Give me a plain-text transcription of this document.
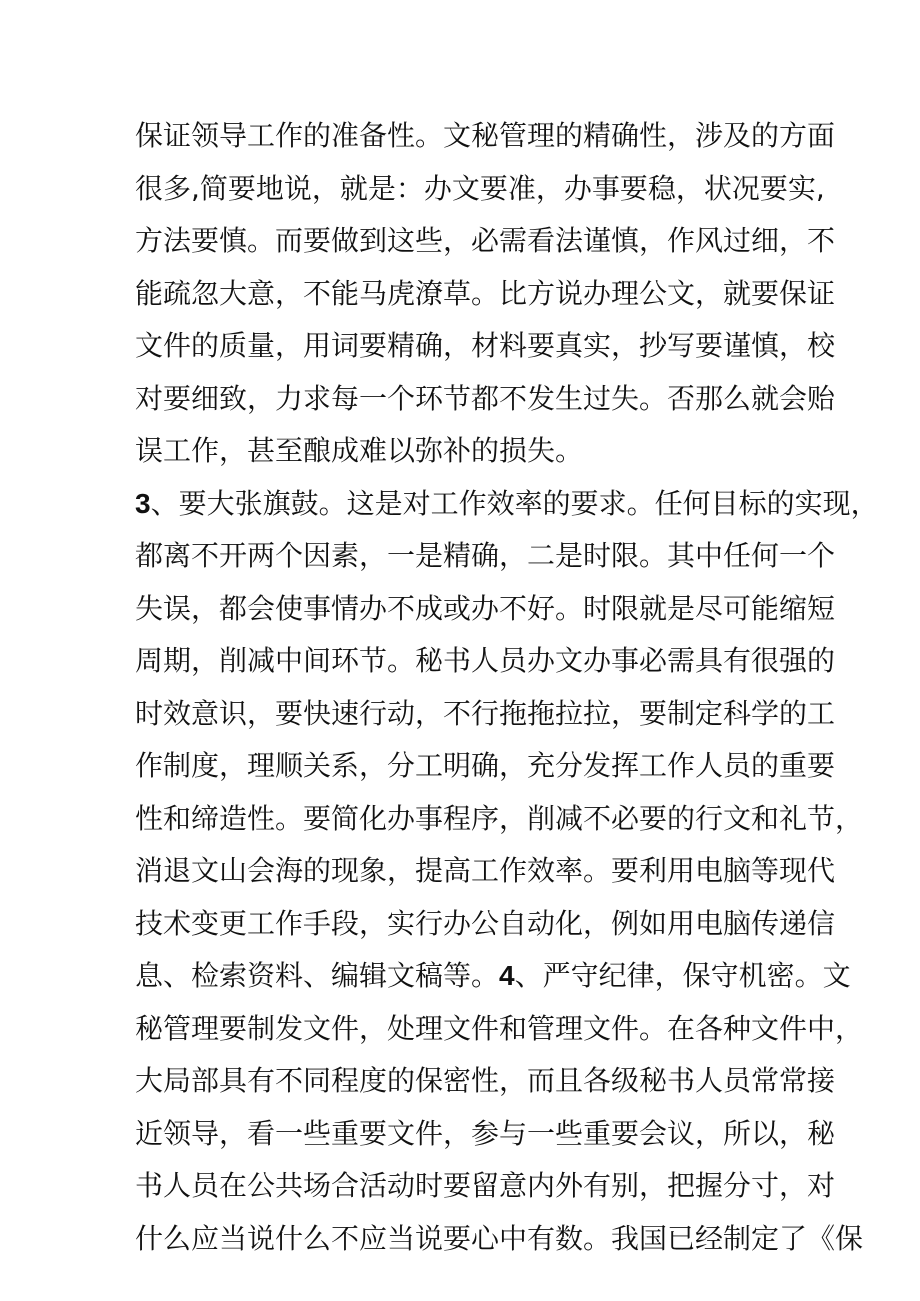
保证领导工作的准备性。文秘管理的精确性，涉及的方面
很多,简要地说，就是：办文要准，办事要稳，状况要实,
方法要慎。而要做到这些，必需看法谨慎，作风过细，不
能疏忽大意，不能马虎潦草。比方说办理公文，就要保证
文件的质量，用词要精确，材料要真实，抄写要谨慎，校
对要细致，力求每一个环节都不发生过失。否那么就会贻
误工作，甚至酿成难以弥补的损失。
3、要大张旗鼓。这是对工作效率的要求。任何目标的实现，
都离不开两个因素，一是精确，二是时限。其中任何一个
失误，都会使事情办不成或办不好。时限就是尽可能缩短
周期，削减中间环节。秘书人员办文办事必需具有很强的
时效意识，要快速行动，不行拖拖拉拉，要制定科学的工
作制度，理顺关系，分工明确，充分发挥工作人员的重要
性和缔造性。要简化办事程序，削减不必要的行文和礼节，
消退文山会海的现象，提高工作效率。要利用电脑等现代
技术变更工作手段，实行办公自动化，例如用电脑传递信
息、检索资料、编辑文稿等。4、严守纪律，保守机密。文
秘管理要制发文件，处理文件和管理文件。在各种文件中，
大局部具有不同程度的保密性，而且各级秘书人员常常接
近领导，看一些重要文件，参与一些重要会议，所以，秘
书人员在公共场合活动时要留意内外有别，把握分寸，对
什么应当说什么不应当说要心中有数。我国已经制定了《保
